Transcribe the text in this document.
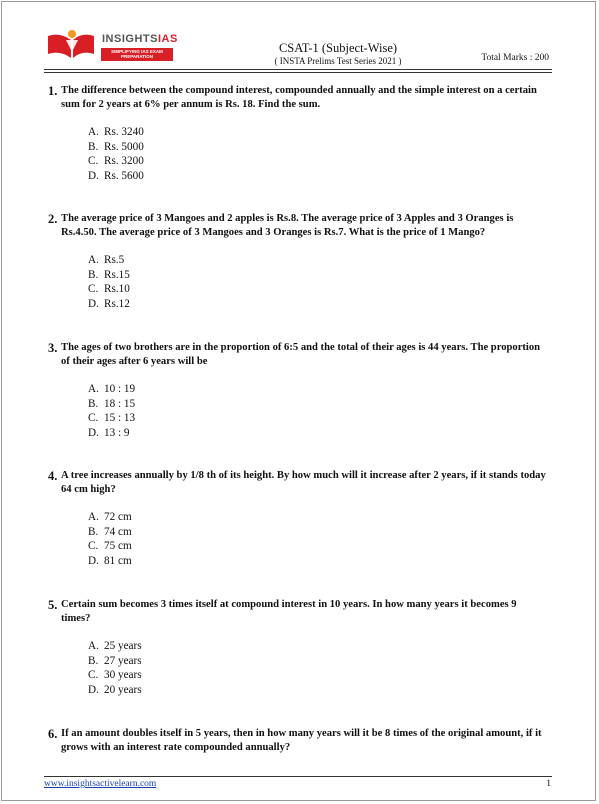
INSIGHTSIAS
SIMPLIFYING IAS EXAM
PREPARATION
CSAT-1 (Subject-Wise)
( INSTA Prelims Test Series 2021 )	Total Marks : 200
1. The difference between the compound interest, compounded annually and the simple interest on a certain sum for 2 years at 6% per annum is Rs. 18. Find the sum.
A. Rs. 3240
B. Rs. 5000
C. Rs. 3200
D. Rs. 5600
2. The average price of 3 Mangoes and 2 apples is Rs.8. The average price of 3 Apples and 3 Oranges is Rs.4.50. The average price of 3 Mangoes and 3 Oranges is Rs.7. What is the price of 1 Mango?
A. Rs.5
B. Rs.15
C. Rs.10
D. Rs.12
3. The ages of two brothers are in the proportion of 6:5 and the total of their ages is 44 years. The proportion of their ages after 6 years will be
A. 10 : 19
B. 18 : 15
C. 15 : 13
D. 13 : 9
4. A tree increases annually by 1/8 th of its height. By how much will it increase after 2 years, if it stands today 64 cm high?
A. 72 cm
B. 74 cm
C. 75 cm
D. 81 cm
5. Certain sum becomes 3 times itself at compound interest in 10 years. In how many years it becomes 9 times?
A. 25 years
B. 27 years
C. 30 years
D. 20 years
6. If an amount doubles itself in 5 years, then in how many years will it be 8 times of the original amount, if it grows with an interest rate compounded annually?
www.insightsactivelearn.com	1
